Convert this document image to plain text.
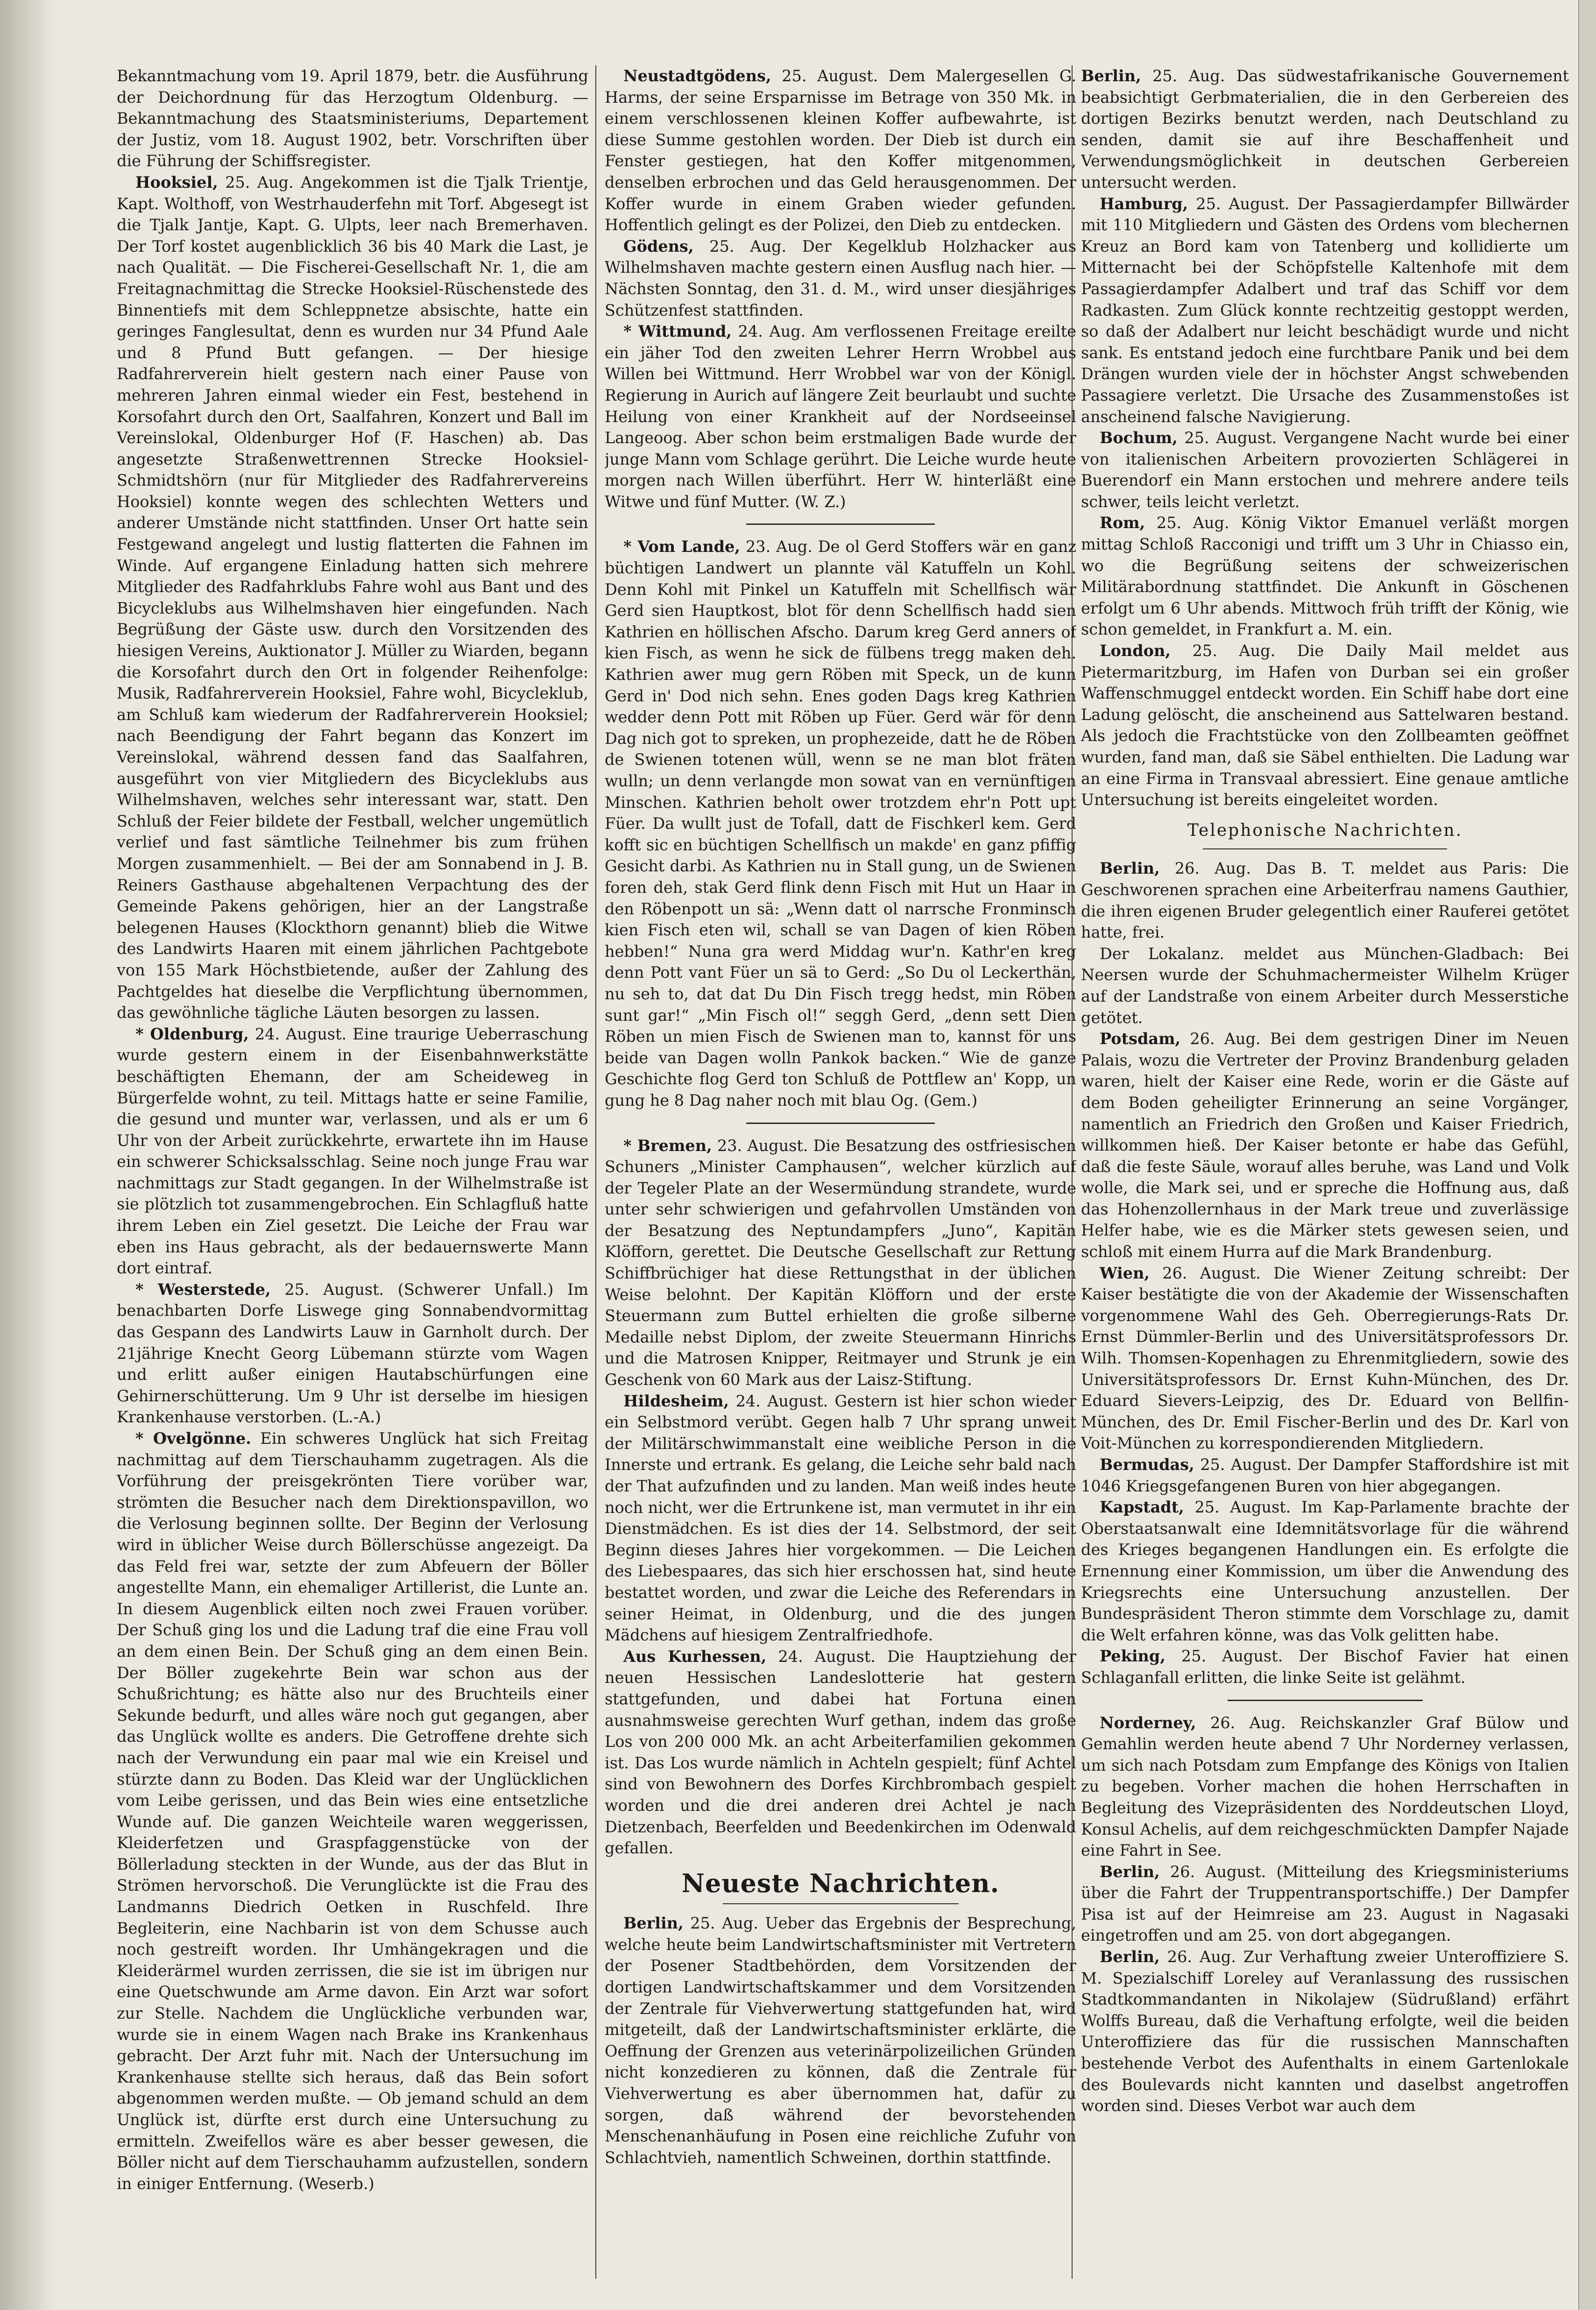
Bekanntmachung vom 19. April 1879, betr. die Ausführung der Deichordnung für das Herzogtum Oldenburg. — Bekanntmachung des Staatsministeriums, Departement der Justiz, vom 18. August 1902, betr. Vorschriften über die Führung der Schiffsregister.

Hooksiel, 25. Aug. Angekommen ist die Tjalk Trientje, Kapt. Wolthoff, von Westrhauderfehn mit Torf. Abgesegt ist die Tjalk Jantje, Kapt. G. Ulpts, leer nach Bremerhaven. Der Torf kostet augenblicklich 36 bis 40 Mark die Last, je nach Qualität. — Die Fischerei-Gesellschaft Nr. 1, die am Freitagnachmittag die Strecke Hooksiel-Rüschenstede des Binnentiefs mit dem Schleppnetze absischte, hatte ein geringes Fanglesultat, denn es wurden nur 34 Pfund Aale und 8 Pfund Butt gefangen. — Der hiesige Radfahrerverein hielt gestern nach einer Pause von mehreren Jahren einmal wieder ein Fest, bestehend in Korsofahrt durch den Ort, Saalfahren, Konzert und Ball im Vereinslokal, Oldenburger Hof (F. Haschen) ab. Das angesetzte Straßenwettrennen Strecke Hooksiel-Schmidtshörn (nur für Mitglieder des Radfahrervereins Hooksiel) konnte wegen des schlechten Wetters und anderer Umstände nicht stattfinden. Unser Ort hatte sein Festgewand angelegt und lustig flatterten die Fahnen im Winde. Auf ergangene Einladung hatten sich mehrere Mitglieder des Radfahrklubs Fahre wohl aus Bant und des Bicycleklubs aus Wilhelmshaven hier eingefunden. Nach Begrüßung der Gäste usw. durch den Vorsitzenden des hiesigen Vereins, Auktionator J. Müller zu Wiarden, begann die Korsofahrt durch den Ort in folgender Reihenfolge: Musik, Radfahrerverein Hooksiel, Fahre wohl, Bicycleklub, am Schluß kam wiederum der Radfahrerverein Hooksiel; nach Beendigung der Fahrt begann das Konzert im Vereinslokal, während dessen fand das Saalfahren, ausgeführt von vier Mitgliedern des Bicycleklubs aus Wilhelmshaven, welches sehr interessant war, statt. Den Schluß der Feier bildete der Festball, welcher ungemütlich verlief und fast sämtliche Teilnehmer bis zum frühen Morgen zusammenhielt. — Bei der am Sonnabend in J. B. Reiners Gasthause abgehaltenen Verpachtung des der Gemeinde Pakens gehörigen, hier an der Langstraße belegenen Hauses (Klockthorn genannt) blieb die Witwe des Landwirts Haaren mit einem jährlichen Pachtgebote von 155 Mark Höchstbietende, außer der Zahlung des Pachtgeldes hat dieselbe die Verpflichtung übernommen, das gewöhnliche tägliche Läuten besorgen zu lassen.

* Oldenburg, 24. August. Eine traurige Ueberraschung wurde gestern einem in der Eisenbahnwerkstätte beschäftigten Ehemann, der am Scheideweg in Bürgerfelde wohnt, zu teil. Mittags hatte er seine Familie, die gesund und munter war, verlassen, und als er um 6 Uhr von der Arbeit zurückkehrte, erwartete ihn im Hause ein schwerer Schicksalsschlag. Seine noch junge Frau war nachmittags zur Stadt gegangen. In der Wilhelmstraße ist sie plötzlich tot zusammengebrochen. Ein Schlagfluß hatte ihrem Leben ein Ziel gesetzt. Die Leiche der Frau war eben ins Haus gebracht, als der bedauernswerte Mann dort eintraf.

* Westerstede, 25. August. (Schwerer Unfall.) Im benachbarten Dorfe Liswege ging Sonnabendvormittag das Gespann des Landwirts Lauw in Garnholt durch. Der 21jährige Knecht Georg Lübemann stürzte vom Wagen und erlitt außer einigen Hautabschürfungen eine Gehirnerschütterung. Um 9 Uhr ist derselbe im hiesigen Krankenhause verstorben. (L.-A.)

* Ovelgönne. Ein schweres Unglück hat sich Freitag nachmittag auf dem Tierschauhamm zugetragen. Als die Vorführung der preisgekrönten Tiere vorüber war, strömten die Besucher nach dem Direktionspavillon, wo die Verlosung beginnen sollte. Der Beginn der Verlosung wird in üblicher Weise durch Böllerschüsse angezeigt. Da das Feld frei war, setzte der zum Abfeuern der Böller angestellte Mann, ein ehemaliger Artillerist, die Lunte an. In diesem Augenblick eilten noch zwei Frauen vorüber. Der Schuß ging los und die Ladung traf die eine Frau voll an dem einen Bein. Der Schuß ging an dem einen Bein. Der Böller zugekehrte Bein war schon aus der Schußrichtung; es hätte also nur des Bruchteils einer Sekunde bedurft, und alles wäre noch gut gegangen, aber das Unglück wollte es anders. Die Getroffene drehte sich nach der Verwundung ein paar mal wie ein Kreisel und stürzte dann zu Boden. Das Kleid war der Unglücklichen vom Leibe gerissen, und das Bein wies eine entsetzliche Wunde auf. Die ganzen Weichteile waren weggerissen, Kleiderfetzen und Graspfaggenstücke von der Böllerladung steckten in der Wunde, aus der das Blut in Strömen hervorschoß. Die Verunglückte ist die Frau des Landmanns Diedrich Oetken in Ruschfeld. Ihre Begleiterin, eine Nachbarin ist von dem Schusse auch noch gestreift worden. Ihr Umhängekragen und die Kleiderärmel wurden zerrissen, die sie ist im übrigen nur eine Quetschwunde am Arme davon. Ein Arzt war sofort zur Stelle. Nachdem die Unglückliche verbunden war, wurde sie in einem Wagen nach Brake ins Krankenhaus gebracht. Der Arzt fuhr mit. Nach der Untersuchung im Krankenhause stellte sich heraus, daß das Bein sofort abgenommen werden mußte. — Ob jemand schuld an dem Unglück ist, dürfte erst durch eine Untersuchung zu ermitteln. Zweifellos wäre es aber besser gewesen, die Böller nicht auf dem Tierschauhamm aufzustellen, sondern in einiger Entfernung. (Weserb.)

Neustadtgödens, 25. August. Dem Malergesellen G. Harms, der seine Ersparnisse im Betrage von 350 Mk. in einem verschlossenen kleinen Koffer aufbewahrte, ist diese Summe gestohlen worden. Der Dieb ist durch ein Fenster gestiegen, hat den Koffer mitgenommen, denselben erbrochen und das Geld herausgenommen. Der Koffer wurde in einem Graben wieder gefunden. Hoffentlich gelingt es der Polizei, den Dieb zu entdecken.

Gödens, 25. Aug. Der Kegelklub Holzhacker aus Wilhelmshaven machte gestern einen Ausflug nach hier. — Nächsten Sonntag, den 31. d. M., wird unser diesjähriges Schützenfest stattfinden.

* Wittmund, 24. Aug. Am verflossenen Freitage ereilte ein jäher Tod den zweiten Lehrer Herrn Wrobbel aus Willen bei Wittmund. Herr Wrobbel war von der Königl. Regierung in Aurich auf längere Zeit beurlaubt und suchte Heilung von einer Krankheit auf der Nordseeinsel Langeoog. Aber schon beim erstmaligen Bade wurde der junge Mann vom Schlage gerührt. Die Leiche wurde heute morgen nach Willen überführt. Herr W. hinterläßt eine Witwe und fünf Mutter. (W. Z.)

* Vom Lande, 23. Aug. De ol Gerd Stoffers wär en ganz büchtigen Landwert un plannte väl Katuffeln un Kohl. Denn Kohl mit Pinkel un Katuffeln mit Schellfisch wär Gerd sien Hauptkost, blot för denn Schellfisch hadd sien Kathrien en höllischen Afscho. Darum kreg Gerd anners of kien Fisch, as wenn he sick de fülbens tregg maken deh. Kathrien awer mug gern Röben mit Speck, un de kunn Gerd in' Dod nich sehn. Enes goden Dags kreg Kathrien wedder denn Pott mit Röben up Füer. Gerd wär för denn Dag nich got to spreken, un prophezeide, datt he de Röben de Swienen totenen wüll, wenn se ne man blot fräten wulln; un denn verlangde mon sowat van en vernünftigen Minschen. Kathrien beholt ower trotzdem ehr'n Pott upt Füer. Da wullt just de Tofall, datt de Fischkerl kem. Gerd kofft sic en büchtigen Schellfisch un makde' en ganz pfiffig Gesicht darbi. As Kathrien nu in Stall gung, un de Swienen foren deh, stak Gerd flink denn Fisch mit Hut un Haar in den Röbenpott un sä: „Wenn datt ol narrsche Fronminsch kien Fisch eten wil, schall se van Dagen of kien Röben hebben!“ Nuna gra werd Middag wur'n. Kathr'en kreg denn Pott vant Füer un sä to Gerd: „So Du ol Leckerthän, nu seh to, dat dat Du Din Fisch tregg hedst, min Röben sunt gar!“ „Min Fisch ol!“ seggh Gerd, „denn sett Dien Röben un mien Fisch de Swienen man to, kannst för uns beide van Dagen wolln Pankok backen.“ Wie de ganze Geschichte flog Gerd ton Schluß de Pottflew an' Kopp, un gung he 8 Dag naher noch mit blau Og. (Gem.)

* Bremen, 23. August. Die Besatzung des ostfriesischen Schuners „Minister Camphausen“, welcher kürzlich auf der Tegeler Plate an der Wesermündung strandete, wurde unter sehr schwierigen und gefahrvollen Umständen von der Besatzung des Neptundampfers „Juno“, Kapitän Klöfforn, gerettet. Die Deutsche Gesellschaft zur Rettung Schiffbrüchiger hat diese Rettungsthat in der üblichen Weise belohnt. Der Kapitän Klöfforn und der erste Steuermann zum Buttel erhielten die große silberne Medaille nebst Diplom, der zweite Steuermann Hinrichs und die Matrosen Knipper, Reitmayer und Strunk je ein Geschenk von 60 Mark aus der Laisz-Stiftung.

Hildesheim, 24. August. Gestern ist hier schon wieder ein Selbstmord verübt. Gegen halb 7 Uhr sprang unweit der Militärschwimmanstalt eine weibliche Person in die Innerste und ertrank. Es gelang, die Leiche sehr bald nach der That aufzufinden und zu landen. Man weiß indes heute noch nicht, wer die Ertrunkene ist, man vermutet in ihr ein Dienstmädchen. Es ist dies der 14. Selbstmord, der seit Beginn dieses Jahres hier vorgekommen. — Die Leichen des Liebespaares, das sich hier erschossen hat, sind heute bestattet worden, und zwar die Leiche des Referendars in seiner Heimat, in Oldenburg, und die des jungen Mädchens auf hiesigem Zentralfriedhofe.

Aus Kurhessen, 24. August. Die Hauptziehung der neuen Hessischen Landeslotterie hat gestern stattgefunden, und dabei hat Fortuna einen ausnahmsweise gerechten Wurf gethan, indem das große Los von 200 000 Mk. an acht Arbeiterfamilien gekommen ist. Das Los wurde nämlich in Achteln gespielt; fünf Achtel sind von Bewohnern des Dorfes Kirchbrombach gespielt worden und die drei anderen drei Achtel je nach Dietzenbach, Beerfelden und Beedenkirchen im Odenwald gefallen.

Neueste Nachrichten.

Berlin, 25. Aug. Ueber das Ergebnis der Besprechung, welche heute beim Landwirtschaftsminister mit Vertretern der Posener Stadtbehörden, dem Vorsitzenden der dortigen Landwirtschaftskammer und dem Vorsitzenden der Zentrale für Viehverwertung stattgefunden hat, wird mitgeteilt, daß der Landwirtschaftsminister erklärte, die Oeffnung der Grenzen aus veterinärpolizeilichen Gründen nicht konzedieren zu können, daß die Zentrale für Viehverwertung es aber übernommen hat, dafür zu sorgen, daß während der bevorstehenden Menschenanhäufung in Posen eine reichliche Zufuhr von Schlachtvieh, namentlich Schweinen, dorthin stattfinde.

Berlin, 25. Aug. Das südwestafrikanische Gouvernement beabsichtigt Gerbmaterialien, die in den Gerbereien des dortigen Bezirks benutzt werden, nach Deutschland zu senden, damit sie auf ihre Beschaffenheit und Verwendungsmöglichkeit in deutschen Gerbereien untersucht werden.

Hamburg, 25. August. Der Passagierdampfer Billwärder mit 110 Mitgliedern und Gästen des Ordens vom blechernen Kreuz an Bord kam von Tatenberg und kollidierte um Mitternacht bei der Schöpfstelle Kaltenhofe mit dem Passagierdampfer Adalbert und traf das Schiff vor dem Radkasten. Zum Glück konnte rechtzeitig gestoppt werden, so daß der Adalbert nur leicht beschädigt wurde und nicht sank. Es entstand jedoch eine furchtbare Panik und bei dem Drängen wurden viele der in höchster Angst schwebenden Passagiere verletzt. Die Ursache des Zusammenstoßes ist anscheinend falsche Navigierung.

Bochum, 25. August. Vergangene Nacht wurde bei einer von italienischen Arbeitern provozierten Schlägerei in Buerendorf ein Mann erstochen und mehrere andere teils schwer, teils leicht verletzt.

Rom, 25. Aug. König Viktor Emanuel verläßt morgen mittag Schloß Racconigi und trifft um 3 Uhr in Chiasso ein, wo die Begrüßung seitens der schweizerischen Militärabordnung stattfindet. Die Ankunft in Göschenen erfolgt um 6 Uhr abends. Mittwoch früh trifft der König, wie schon gemeldet, in Frankfurt a. M. ein.

London, 25. Aug. Die Daily Mail meldet aus Pietermaritzburg, im Hafen von Durban sei ein großer Waffenschmuggel entdeckt worden. Ein Schiff habe dort eine Ladung gelöscht, die anscheinend aus Sattelwaren bestand. Als jedoch die Frachtstücke von den Zollbeamten geöffnet wurden, fand man, daß sie Säbel enthielten. Die Ladung war an eine Firma in Transvaal abressiert. Eine genaue amtliche Untersuchung ist bereits eingeleitet worden.

Telephonische Nachrichten.

Berlin, 26. Aug. Das B. T. meldet aus Paris: Die Geschworenen sprachen eine Arbeiterfrau namens Gauthier, die ihren eigenen Bruder gelegentlich einer Rauferei getötet hatte, frei.

Der Lokalanz. meldet aus München-Gladbach: Bei Neersen wurde der Schuhmachermeister Wilhelm Krüger auf der Landstraße von einem Arbeiter durch Messerstiche getötet.

Potsdam, 26. Aug. Bei dem gestrigen Diner im Neuen Palais, wozu die Vertreter der Provinz Brandenburg geladen waren, hielt der Kaiser eine Rede, worin er die Gäste auf dem Boden geheiligter Erinnerung an seine Vorgänger, namentlich an Friedrich den Großen und Kaiser Friedrich, willkommen hieß. Der Kaiser betonte er habe das Gefühl, daß die feste Säule, worauf alles beruhe, was Land und Volk wolle, die Mark sei, und er spreche die Hoffnung aus, daß das Hohenzollernhaus in der Mark treue und zuverlässige Helfer habe, wie es die Märker stets gewesen seien, und schloß mit einem Hurra auf die Mark Brandenburg.

Wien, 26. August. Die Wiener Zeitung schreibt: Der Kaiser bestätigte die von der Akademie der Wissenschaften vorgenommene Wahl des Geh. Oberregierungs-Rats Dr. Ernst Dümmler-Berlin und des Universitätsprofessors Dr. Wilh. Thomsen-Kopenhagen zu Ehrenmitgliedern, sowie des Universitätsprofessors Dr. Ernst Kuhn-München, des Dr. Eduard Sievers-Leipzig, des Dr. Eduard von Bellfin-München, des Dr. Emil Fischer-Berlin und des Dr. Karl von Voit-München zu korrespondierenden Mitgliedern.

Bermudas, 25. August. Der Dampfer Staffordshire ist mit 1046 Kriegsgefangenen Buren von hier abgegangen.

Kapstadt, 25. August. Im Kap-Parlamente brachte der Oberstaatsanwalt eine Idemnitätsvorlage für die während des Krieges begangenen Handlungen ein. Es erfolgte die Ernennung einer Kommission, um über die Anwendung des Kriegsrechts eine Untersuchung anzustellen. Der Bundespräsident Theron stimmte dem Vorschlage zu, damit die Welt erfahren könne, was das Volk gelitten habe.

Peking, 25. August. Der Bischof Favier hat einen Schlaganfall erlitten, die linke Seite ist gelähmt.

Norderney, 26. Aug. Reichskanzler Graf Bülow und Gemahlin werden heute abend 7 Uhr Norderney verlassen, um sich nach Potsdam zum Empfange des Königs von Italien zu begeben. Vorher machen die hohen Herrschaften in Begleitung des Vizepräsidenten des Norddeutschen Lloyd, Konsul Achelis, auf dem reichgeschmückten Dampfer Najade eine Fahrt in See.

Berlin, 26. August. (Mitteilung des Kriegsministeriums über die Fahrt der Truppentransportschiffe.) Der Dampfer Pisa ist auf der Heimreise am 23. August in Nagasaki eingetroffen und am 25. von dort abgegangen.

Berlin, 26. Aug. Zur Verhaftung zweier Unteroffiziere S. M. Spezialschiff Loreley auf Veranlassung des russischen Stadtkommandanten in Nikolajew (Südrußland) erfährt Wolffs Bureau, daß die Verhaftung erfolgte, weil die beiden Unteroffiziere das für die russischen Mannschaften bestehende Verbot des Aufenthalts in einem Gartenlokale des Boulevards nicht kannten und daselbst angetroffen worden sind. Dieses Verbot war auch dem
